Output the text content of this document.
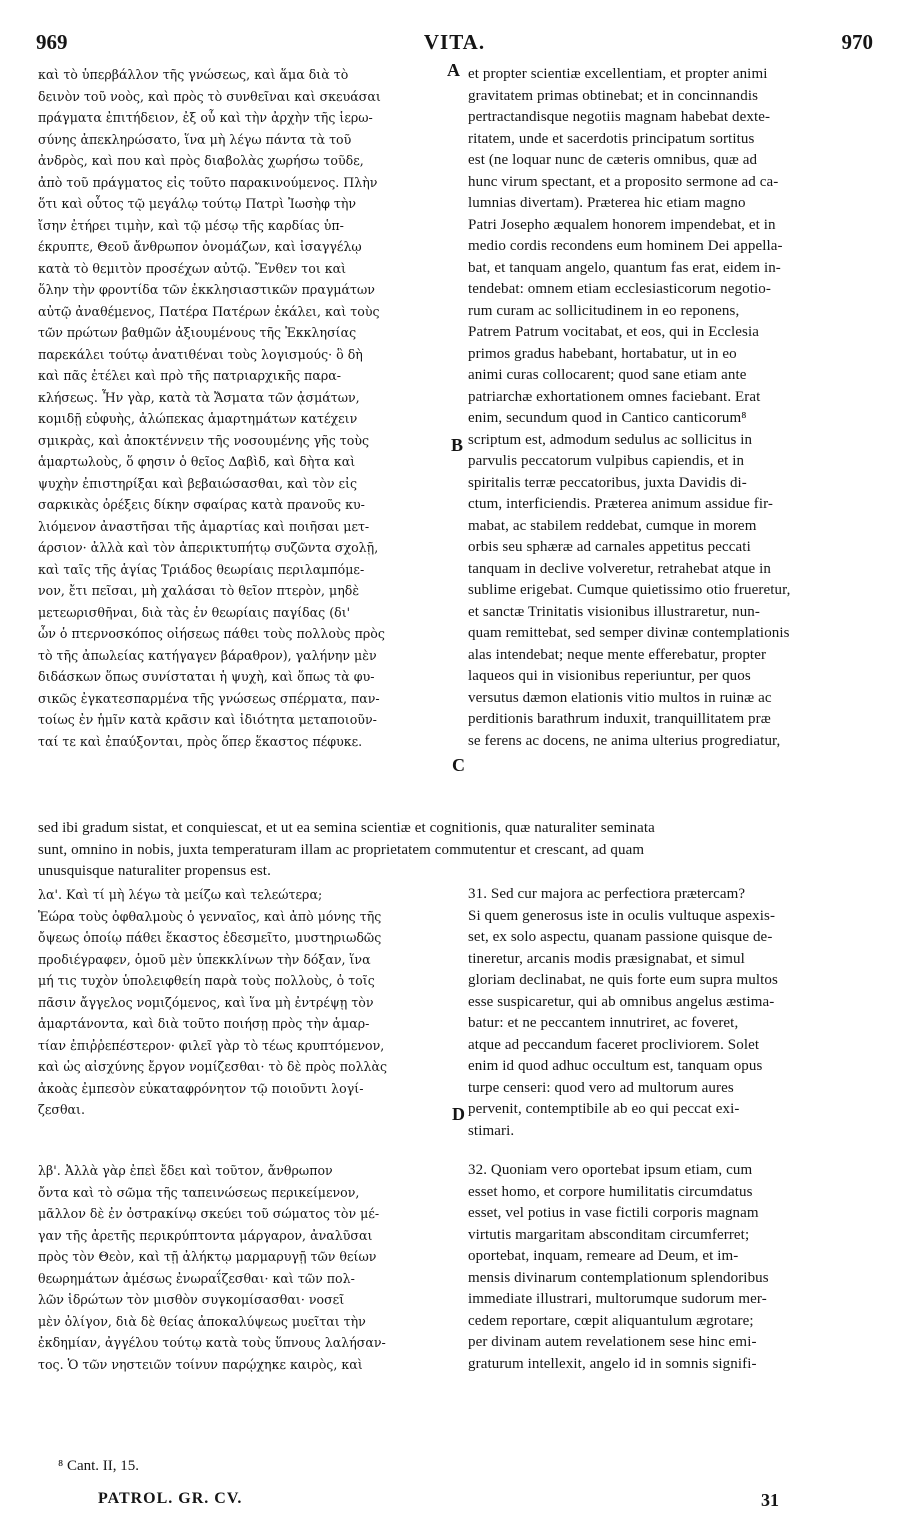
969	VITA.	970
A
B
C
D
καὶ τὸ ὑπερβάλλον τῆς γνώσεως, καὶ ἅμα διὰ τὸ
δεινὸν τοῦ νοὸς, καὶ πρὸς τὸ συνθεῖναι καὶ σκευάσαι
πράγματα ἐπιτήδειον, ἐξ οὗ καὶ τὴν ἀρχὴν τῆς ἱερω-
σύνης ἀπεκληρώσατο, ἵνα μὴ λέγω πάντα τὰ τοῦ
ἀνδρὸς, καὶ που καὶ πρὸς διαβολὰς χωρήσω τοῦδε,
ἀπὸ τοῦ πράγματος εἰς τοῦτο παρακινούμενος. Πλὴν
ὅτι καὶ οὗτος τῷ μεγάλῳ τούτῳ Πατρὶ Ἰωσὴφ τὴν
ἴσην ἐτήρει τιμὴν, καὶ τῷ μέσῳ τῆς καρδίας ὑπ-
έκρυπτε, Θεοῦ ἄνθρωπον ὀνομάζων, καὶ ἰσαγγέλῳ
κατὰ τὸ θεμιτὸν προσέχων αὐτῷ. Ἔνθεν τοι καὶ
ὅλην τὴν φροντίδα τῶν ἐκκλησιαστικῶν πραγμάτων
αὐτῷ ἀναθέμενος, Πατέρα Πατέρων ἐκάλει, καὶ τοὺς
τῶν πρώτων βαθμῶν ἀξιουμένους τῆς Ἐκκλησίας
παρεκάλει τούτῳ ἀνατιθέναι τοὺς λογισμούς· ὃ δὴ
καὶ πᾶς ἐτέλει καὶ πρὸ τῆς πατριαρχικῆς παρα-
κλήσεως. Ἦν γὰρ, κατὰ τὰ Ἄσματα τῶν ᾀσμάτων,
κομιδῇ εὐφυὴς, ἀλώπεκας ἁμαρτημάτων κατέχειν
σμικρὰς, καὶ ἀποκτέννειν τῆς νοσουμένης γῆς τοὺς
ἁμαρτωλοὺς, ὅ φησιν ὁ θεῖος Δαβὶδ, καὶ δὴτα καὶ
ψυχὴν ἐπιστηρίξαι καὶ βεβαιώσασθαι, καὶ τὸν εἰς
σαρκικὰς ὀρέξεις δίκην σφαίρας κατὰ πρανοῦς κυ-
λιόμενον ἀναστῆσαι τῆς ἁμαρτίας καὶ ποιῆσαι μετ-
άρσιον· ἀλλὰ καὶ τὸν ἀπερικτυπήτῳ συζῶντα σχολῇ,
καὶ ταῖς τῆς ἁγίας Τριάδος θεωρίαις περιλαμπόμε-
νον, ἔτι πεῖσαι, μὴ χαλάσαι τὸ θεῖον πτερὸν, μηδὲ
μετεωρισθῆναι, διὰ τὰς ἐν θεωρίαις παγίδας (δι'
ὧν ὁ πτερνοσκόπος οἰήσεως πάθει τοὺς πολλοὺς πρὸς
τὸ τῆς ἀπωλείας κατήγαγεν βάραθρον), γαλήνην μὲν
διδάσκων ὅπως συνίσταται ἡ ψυχὴ, καὶ ὅπως τὰ φυ-
σικῶς ἐγκατεσπαρμένα τῆς γνώσεως σπέρματα, παν-
τοίως ἐν ἡμῖν κατὰ κρᾶσιν καὶ ἰδιότητα μεταποιοῦν-
ταί τε καὶ ἐπαύξονται, πρὸς ὅπερ ἕκαστος πέφυκε.
et propter scientiæ excellentiam, et propter animi
gravitatem primas obtinebat; et in concinnandis
pertractandisque negotiis magnam habebat dexte-
ritatem, unde et sacerdotis principatum sortitus
est (ne loquar nunc de cæteris omnibus, quæ ad
hunc virum spectant, et a proposito sermone ad ca-
lumnias divertam). Præterea hic etiam magno
Patri Josepho æqualem honorem impendebat, et in
medio cordis recondens eum hominem Dei appella-
bat, et tanquam angelo, quantum fas erat, eidem in-
tendebat: omnem etiam ecclesiasticorum negotio-
rum curam ac sollicitudinem in eo reponens,
Patrem Patrum vocitabat, et eos, qui in Ecclesia
primos gradus habebant, hortabatur, ut in eo
animi curas collocarent; quod sane etiam ante
patriarchæ exhortationem omnes faciebant. Erat
enim, secundum quod in Cantico canticorum⁸
scriptum est, admodum sedulus ac sollicitus in
parvulis peccatorum vulpibus capiendis, et in
spiritalis terræ peccatoribus, juxta Davidis di-
ctum, interficiendis. Præterea animum assidue fir-
mabat, ac stabilem reddebat, cumque in morem
orbis seu sphæræ ad carnales appetitus peccati
tanquam in declive volveretur, retrahebat atque in
sublime erigebat. Cumque quietissimo otio frueretur,
et sanctæ Trinitatis visionibus illustraretur, nun-
quam remittebat, sed semper divinæ contemplationis
alas intendebat; neque mente efferebatur, propter
laqueos qui in visionibus reperiuntur, per quos
versutus dæmon elationis vitio multos in ruinæ ac
perditionis barathrum induxit, tranquillitatem præ
se ferens ac docens, ne anima ulterius progrediatur,
sed ibi gradum sistat, et conquiescat, et ut ea semina scientiæ et cognitionis, quæ naturaliter seminata
sunt, omnino in nobis, juxta temperaturam illam ac proprietatem commutentur et crescant, ad quam
unusquisque naturaliter propensus est.
λα'. Καὶ τί μὴ λέγω τὰ μείζω καὶ τελεώτερα;
Ἑώρα τοὺς ὀφθαλμοὺς ὁ γενναῖος, καὶ ἀπὸ μόνης τῆς
ὄψεως ὁποίῳ πάθει ἕκαστος ἐδεσμεῖτο, μυστηριωδῶς
προδιέγραφεν, ὁμοῦ μὲν ὑπεκκλίνων τὴν δόξαν, ἵνα
μή τις τυχὸν ὑπολειφθείη παρὰ τοὺς πολλοὺς, ὁ τοῖς
πᾶσιν ἄγγελος νομιζόμενος, καὶ ἵνα μὴ ἐντρέψῃ τὸν
ἁμαρτάνοντα, καὶ διὰ τοῦτο ποιήσῃ πρὸς τὴν ἁμαρ-
τίαν ἐπιῤῥεπέστερον· φιλεῖ γὰρ τὸ τέως κρυπτόμενον,
καὶ ὡς αἰσχύνης ἔργον νομίζεσθαι· τὸ δὲ πρὸς πολλὰς
ἀκοὰς ἐμπεσὸν εὐκαταφρόνητον τῷ ποιοῦντι λογί-
ζεσθαι.
31. Sed cur majora ac perfectiora prætercam?
Si quem generosus iste in oculis vultuque aspexis-
set, ex solo aspectu, quanam passione quisque de-
tineretur, arcanis modis præsignabat, et simul
gloriam declinabat, ne quis forte eum supra multos
esse suspicaretur, qui ab omnibus angelus æstima-
batur: et ne peccantem innutriret, ac foveret,
atque ad peccandum faceret procliviorem. Solet
enim id quod adhuc occultum est, tanquam opus
turpe censeri: quod vero ad multorum aures
pervenit, contemptibile ab eo qui peccat exi-
stimari.
λβ'. Ἀλλὰ γὰρ ἐπεὶ ἔδει καὶ τοῦτον, ἄνθρωπον
ὄντα καὶ τὸ σῶμα τῆς ταπεινώσεως περικείμενον,
μᾶλλον δὲ ἐν ὀστρακίνῳ σκεύει τοῦ σώματος τὸν μέ-
γαν τῆς ἀρετῆς περικρύπτοντα μάργαρον, ἀναλῦσαι
πρὸς τὸν Θεὸν, καὶ τῇ ἀλήκτῳ μαρμαρυγῇ τῶν θείων
θεωρημάτων ἀμέσως ἐνωραΐζεσθαι· καὶ τῶν πολ-
λῶν ἱδρώτων τὸν μισθὸν συγκομίσασθαι· νοσεῖ
μὲν ὀλίγον, διὰ δὲ θείας ἀποκαλύψεως μυεῖται τὴν
ἐκδημίαν, ἀγγέλου τούτῳ κατὰ τοὺς ὕπνους λαλήσαν-
τος. Ὁ τῶν νηστειῶν τοίνυν παρῴχηκε καιρὸς, καὶ
32. Quoniam vero oportebat ipsum etiam, cum
esset homo, et corpore humilitatis circumdatus
esset, vel potius in vase fictili corporis magnam
virtutis margaritam absconditam circumferret;
oportebat, inquam, remeare ad Deum, et im-
mensis divinarum contemplationum splendoribus
immediate illustrari, multorumque sudorum mer-
cedem reportare, cœpit aliquantulum ægrotare;
per divinam autem revelationem sese hinc emi-
graturum intellexit, angelo id in somnis signifi-
⁸ Cant. II, 15.
PATROL. GR. CV.	31
